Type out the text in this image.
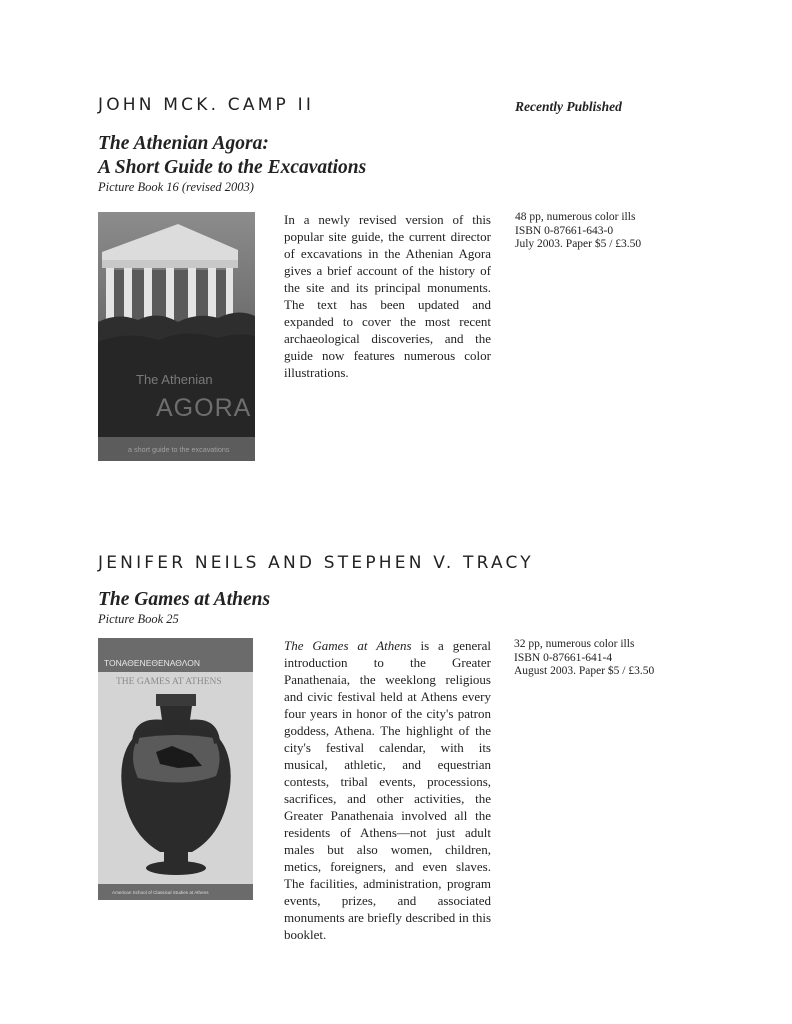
JOHN MCK. CAMP II	Recently Published
The Athenian Agora:
A Short Guide to the Excavations
Picture Book 16 (revised 2003)
The Athenian
AGORA
a short guide to the excavations
In a newly revised version of this popular site guide, the current director of excavations in the Athenian Agora gives a brief account of the history of the site and its principal monuments. The text has been updated and expanded to cover the most recent archaeological discoveries, and the guide now features numerous color illustrations.
48 pp, numerous color ills
ISBN 0-87661-643-0
July 2003. Paper $5 / £3.50
JENIFER NEILS AND STEPHEN V. TRACY
The Games at Athens
Picture Book 25
ΤΟΝΑΘΕΝΕΘΕΝΑΘΛΟΝ
THE GAMES AT ATHENS
American School of Classical Studies at Athens
The Games at Athens is a general introduction to the Greater Panathenaia, the weeklong religious and civic festival held at Athens every four years in honor of the city's patron goddess, Athena. The highlight of the city's festival calendar, with its musical, athletic, and equestrian contests, tribal events, processions, sacrifices, and other activities, the Greater Panathenaia involved all the residents of Athens—not just adult males but also women, children, metics, foreigners, and even slaves. The facilities, administration, program events, prizes, and associated monuments are briefly described in this booklet.
32 pp, numerous color ills
ISBN 0-87661-641-4
August 2003. Paper $5 / £3.50
